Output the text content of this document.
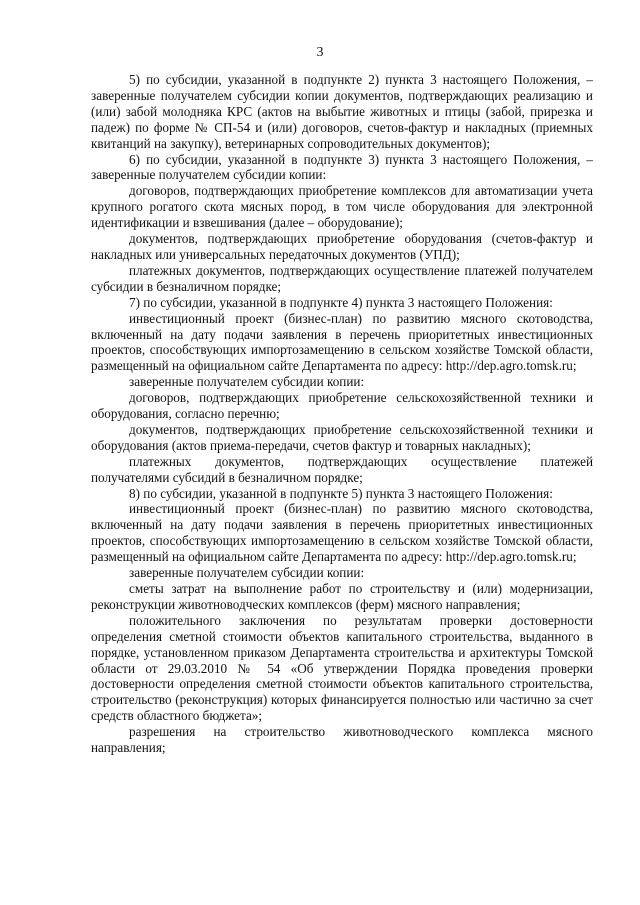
3

5) по субсидии, указанной в подпункте 2) пункта 3 настоящего Положения, – заверенные получателем субсидии копии документов, подтверждающих реализацию и (или) забой молодняка КРС (актов на выбытие животных и птицы (забой, прирезка и падеж) по форме № СП-54 и (или) договоров, счетов-фактур и накладных (приемных квитанций на закупку), ветеринарных сопроводительных документов);

6) по субсидии, указанной в подпункте 3) пункта 3 настоящего Положения, – заверенные получателем субсидии копии:

договоров, подтверждающих приобретение комплексов для автоматизации учета крупного рогатого скота мясных пород, в том числе оборудования для электронной идентификации и взвешивания (далее – оборудование);

документов, подтверждающих приобретение оборудования (счетов-фактур и накладных или универсальных передаточных документов (УПД);

платежных документов, подтверждающих осуществление платежей получателем субсидии в безналичном порядке;

7) по субсидии, указанной в подпункте 4) пункта 3 настоящего Положения:

инвестиционный проект (бизнес-план) по развитию мясного скотоводства, включенный на дату подачи заявления в перечень приоритетных инвестиционных проектов, способствующих импортозамещению в сельском хозяйстве Томской области, размещенный на официальном сайте Департамента по адресу: http://dep.agro.tomsk.ru;

заверенные получателем субсидии копии:

договоров, подтверждающих приобретение сельскохозяйственной техники и оборудования, согласно перечню;

документов, подтверждающих приобретение сельскохозяйственной техники и оборудования (актов приема-передачи, счетов фактур и товарных накладных);

платежных документов, подтверждающих осуществление платежей получателями субсидий в безналичном порядке;

8) по субсидии, указанной в подпункте 5) пункта 3 настоящего Положения:

инвестиционный проект (бизнес-план) по развитию мясного скотоводства, включенный на дату подачи заявления в перечень приоритетных инвестиционных проектов, способствующих импортозамещению в сельском хозяйстве Томской области, размещенный на официальном сайте Департамента по адресу: http://dep.agro.tomsk.ru;

заверенные получателем субсидии копии:

сметы затрат на выполнение работ по строительству и (или) модернизации, реконструкции животноводческих комплексов (ферм) мясного направления;

положительного заключения по результатам проверки достоверности определения сметной стоимости объектов капитального строительства, выданного в порядке, установленном приказом Департамента строительства и архитектуры Томской области от 29.03.2010 № 54 «Об утверждении Порядка проведения проверки достоверности определения сметной стоимости объектов капитального строительства, строительство (реконструкция) которых финансируется полностью или частично за счет средств областного бюджета»;

разрешения на строительство животноводческого комплекса мясного направления;
